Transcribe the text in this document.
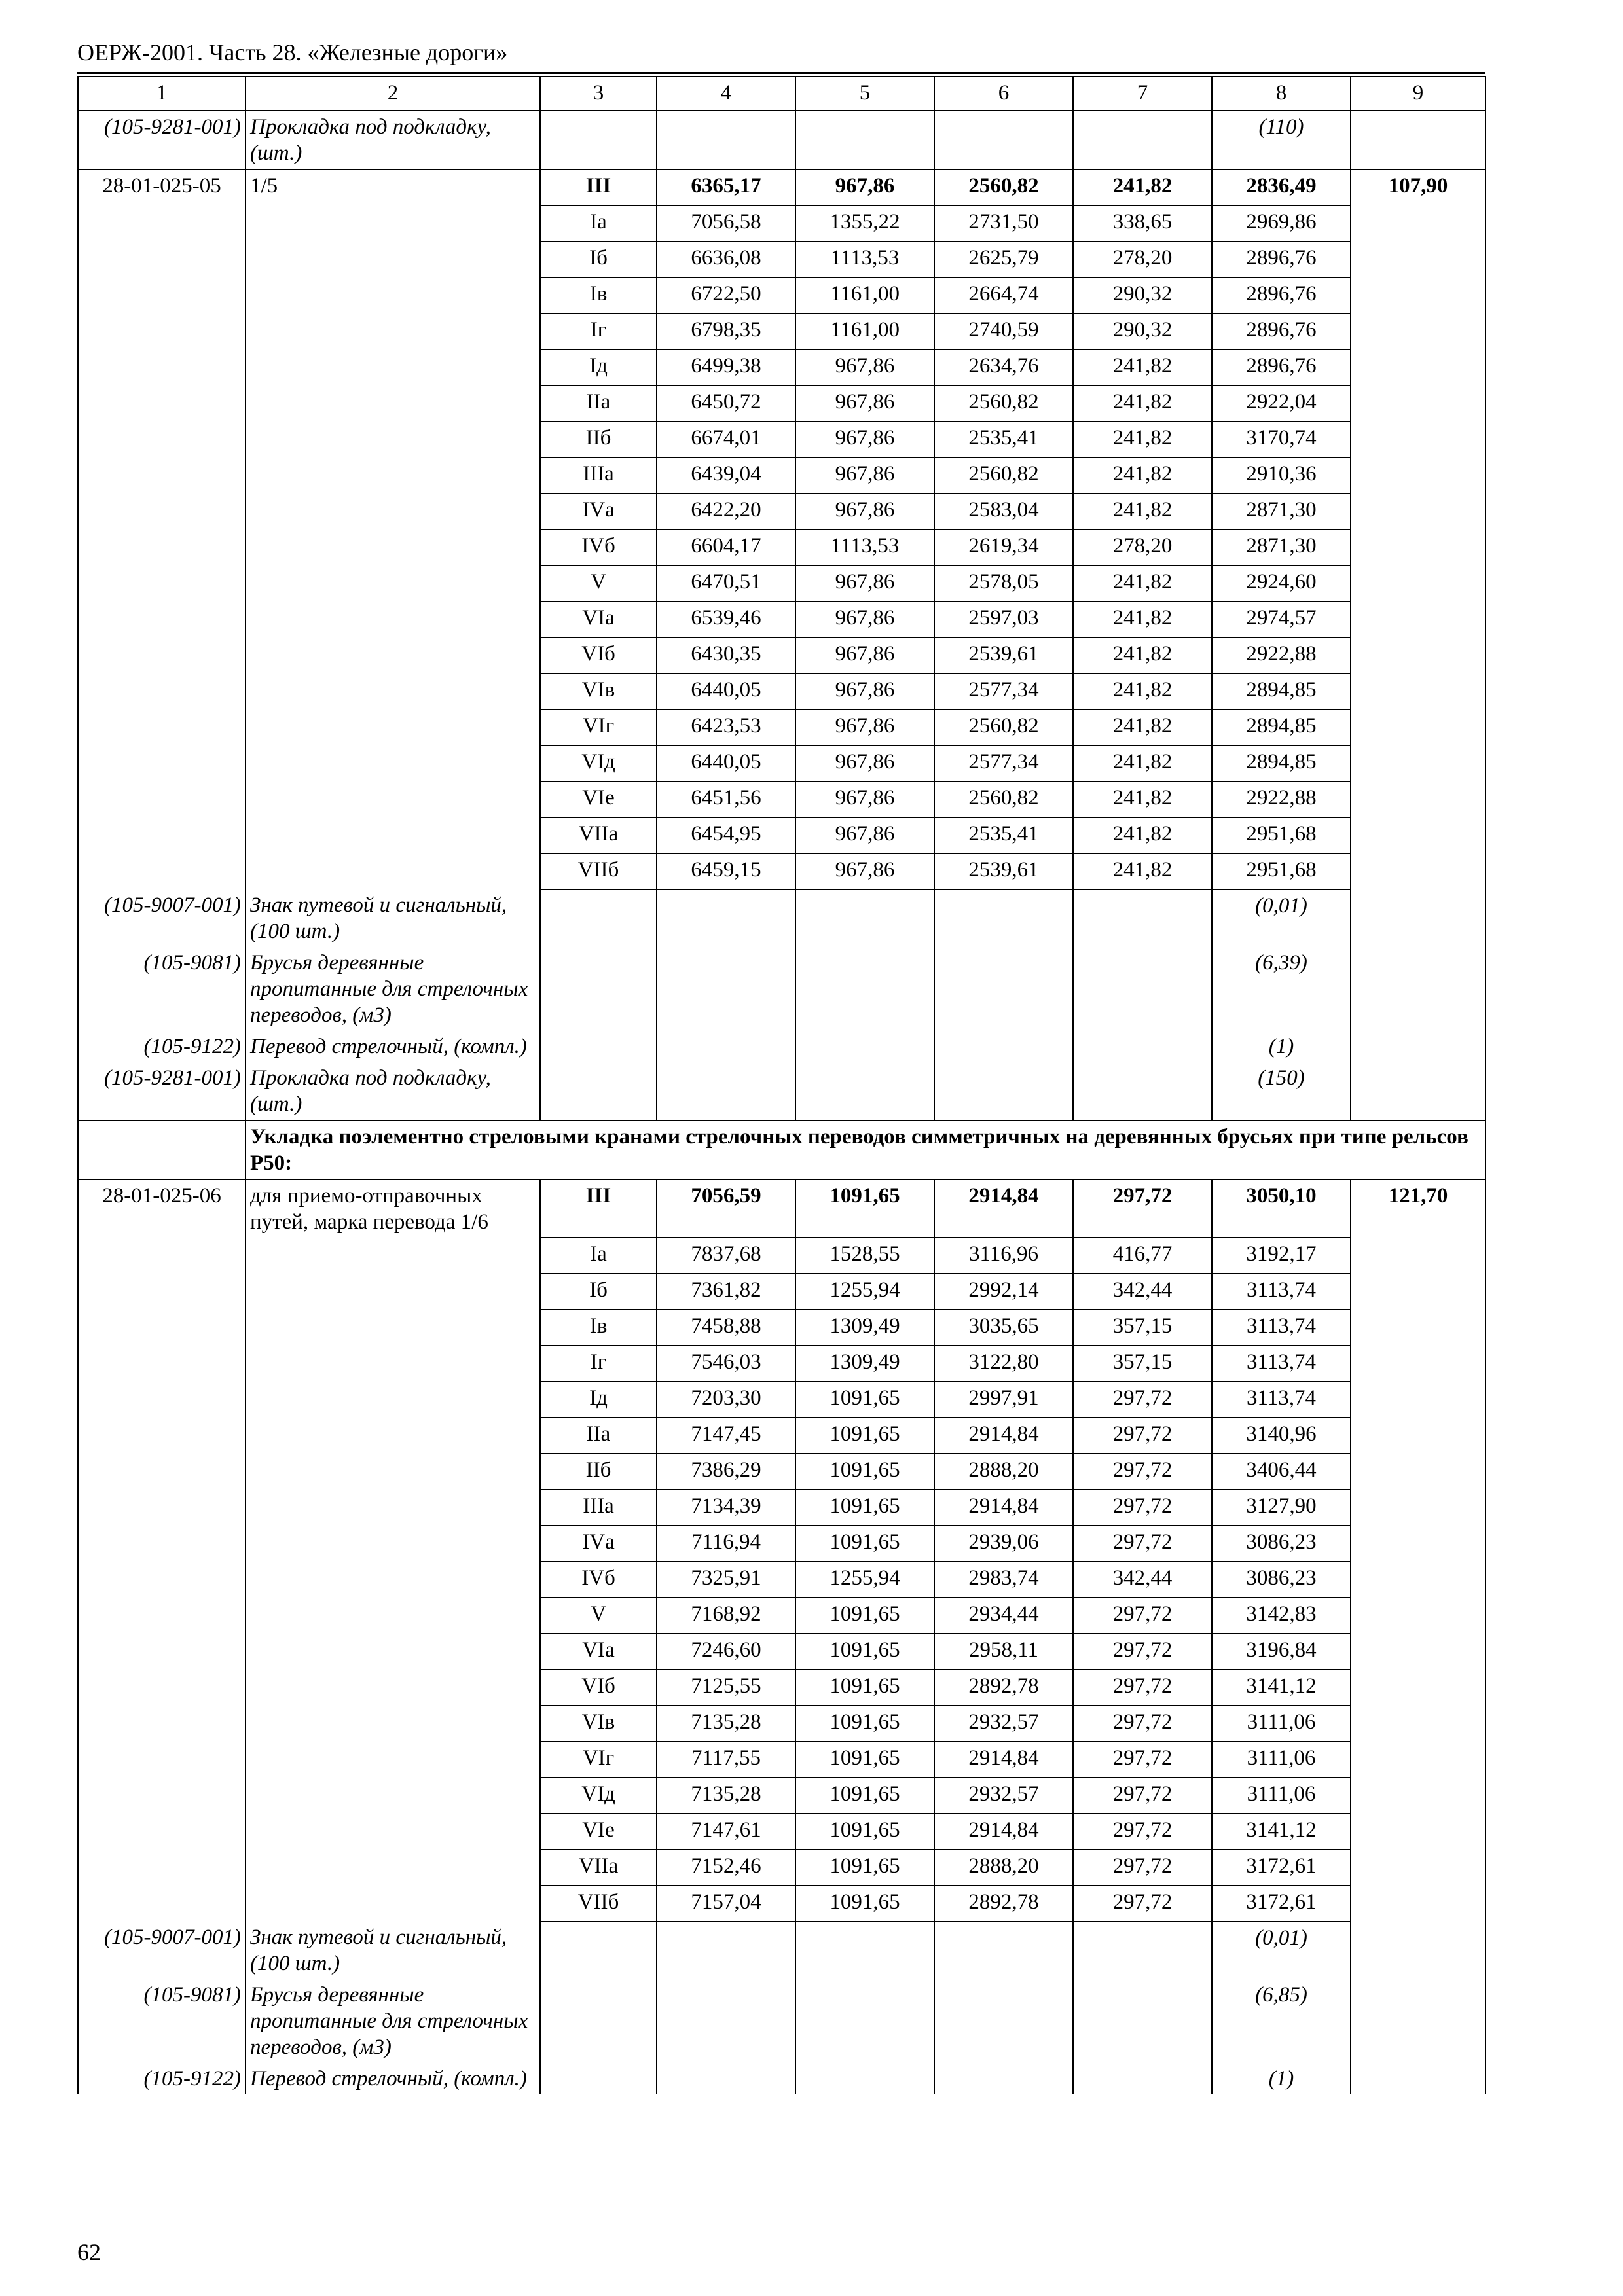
ОЕРЖ-2001. Часть 28. «Железные дороги»
1	2	3	4	5	6	7	8	9
(105-9281-001)	Прокладка под подкладку, (шт.)						(110)	
28-01-025-05	1/5	III	6365,17	967,86	2560,82	241,82	2836,49	107,90
		Iа	7056,58	1355,22	2731,50	338,65	2969,86	
		Iб	6636,08	1113,53	2625,79	278,20	2896,76	
		Iв	6722,50	1161,00	2664,74	290,32	2896,76	
		Iг	6798,35	1161,00	2740,59	290,32	2896,76	
		Iд	6499,38	967,86	2634,76	241,82	2896,76	
		IIа	6450,72	967,86	2560,82	241,82	2922,04	
		IIб	6674,01	967,86	2535,41	241,82	3170,74	
		IIIа	6439,04	967,86	2560,82	241,82	2910,36	
		IVа	6422,20	967,86	2583,04	241,82	2871,30	
		IVб	6604,17	1113,53	2619,34	278,20	2871,30	
		V	6470,51	967,86	2578,05	241,82	2924,60	
		VIа	6539,46	967,86	2597,03	241,82	2974,57	
		VIб	6430,35	967,86	2539,61	241,82	2922,88	
		VIв	6440,05	967,86	2577,34	241,82	2894,85	
		VIг	6423,53	967,86	2560,82	241,82	2894,85	
		VIд	6440,05	967,86	2577,34	241,82	2894,85	
		VIе	6451,56	967,86	2560,82	241,82	2922,88	
		VIIа	6454,95	967,86	2535,41	241,82	2951,68	
		VIIб	6459,15	967,86	2539,61	241,82	2951,68	
(105-9007-001)	Знак путевой и сигнальный, (100 шт.)						(0,01)	
(105-9081)	Брусья деревянные пропитанные для стрелочных переводов, (м3)						(6,39)	
(105-9122)	Перевод стрелочный, (компл.)						(1)	
(105-9281-001)	Прокладка под подкладку, (шт.)						(150)	
	Укладка поэлементно стреловыми кранами стрелочных переводов симметричных на деревянных брусьях при типе рельсов Р50:							
28-01-025-06	для приемо-отправочных путей, марка перевода 1/6	III	7056,59	1091,65	2914,84	297,72	3050,10	121,70
		Iа	7837,68	1528,55	3116,96	416,77	3192,17	
		Iб	7361,82	1255,94	2992,14	342,44	3113,74	
		Iв	7458,88	1309,49	3035,65	357,15	3113,74	
		Iг	7546,03	1309,49	3122,80	357,15	3113,74	
		Iд	7203,30	1091,65	2997,91	297,72	3113,74	
		IIа	7147,45	1091,65	2914,84	297,72	3140,96	
		IIб	7386,29	1091,65	2888,20	297,72	3406,44	
		IIIа	7134,39	1091,65	2914,84	297,72	3127,90	
		IVа	7116,94	1091,65	2939,06	297,72	3086,23	
		IVб	7325,91	1255,94	2983,74	342,44	3086,23	
		V	7168,92	1091,65	2934,44	297,72	3142,83	
		VIа	7246,60	1091,65	2958,11	297,72	3196,84	
		VIб	7125,55	1091,65	2892,78	297,72	3141,12	
		VIв	7135,28	1091,65	2932,57	297,72	3111,06	
		VIг	7117,55	1091,65	2914,84	297,72	3111,06	
		VIд	7135,28	1091,65	2932,57	297,72	3111,06	
		VIе	7147,61	1091,65	2914,84	297,72	3141,12	
		VIIа	7152,46	1091,65	2888,20	297,72	3172,61	
		VIIб	7157,04	1091,65	2892,78	297,72	3172,61	
(105-9007-001)	Знак путевой и сигнальный, (100 шт.)						(0,01)	
(105-9081)	Брусья деревянные пропитанные для стрелочных переводов, (м3)						(6,85)	
(105-9122)	Перевод стрелочный, (компл.)						(1)	
62
